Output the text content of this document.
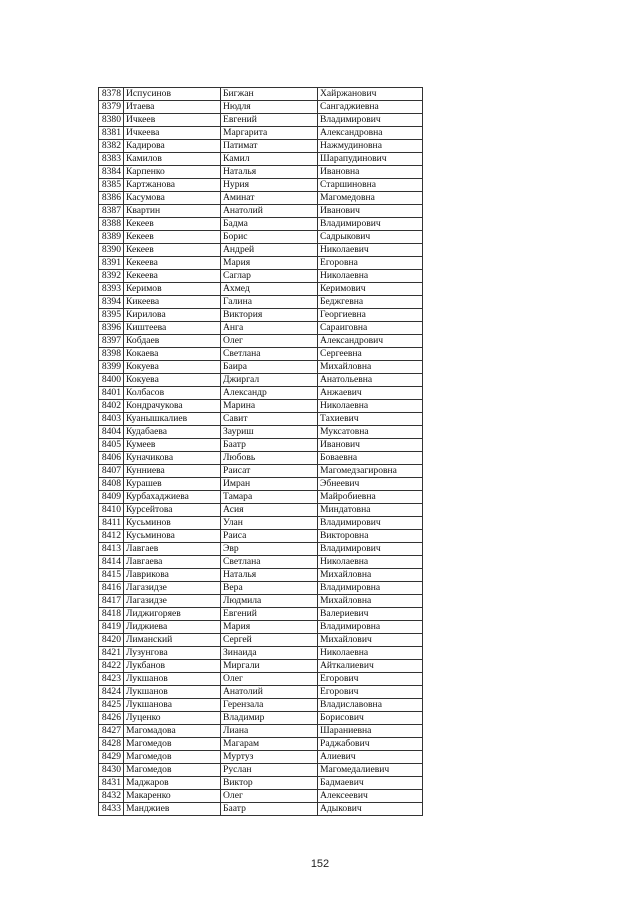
8378	Испусинов	Бигжан	Хайржанович
8379	Итаева	Нюдля	Сангаджиевна
8380	Ичкеев	Евгений	Владимирович
8381	Ичкеева	Маргарита	Александровна
8382	Кадирова	Патимат	Нажмудиновна
8383	Камилов	Камил	Шарапудинович
8384	Карпенко	Наталья	Ивановна
8385	Картжанова	Нурия	Старшиновна
8386	Касумова	Аминат	Магомедовна
8387	Квартин	Анатолий	Иванович
8388	Кекеев	Бадма	Владимирович
8389	Кекеев	Борис	Садрыкович
8390	Кекеев	Андрей	Николаевич
8391	Кекеева	Мария	Егоровна
8392	Кекеева	Саглар	Николаевна
8393	Керимов	Ахмед	Керимович
8394	Кикеева	Галина	Беджгевна
8395	Кирилова	Виктория	Георгиевна
8396	Киштеева	Анга	Сараиговна
8397	Кобдаев	Олег	Александрович
8398	Кокаева	Светлана	Сергеевна
8399	Кокуева	Баира	Михайловна
8400	Кокуева	Джиргал	Анатольевна
8401	Колбасов	Александр	Анжаевич
8402	Кондрачукова	Марина	Николаевна
8403	Куанышкалиев	Савит	Тахиевич
8404	Кудабаева	Зауриш	Муксатовна
8405	Кумеев	Баатр	Иванович
8406	Куначикова	Любовь	Боваевна
8407	Кунниева	Раисат	Магомедзагировна
8408	Курашев	Имран	Эбнеевич
8409	Курбахаджиева	Тамара	Майробиевна
8410	Курсейтова	Асия	Миндатовна
8411	Кусьминов	Улан	Владимирович
8412	Кусьминова	Раиса	Викторовна
8413	Лавгаев	Эвр	Владимирович
8414	Лавгаева	Светлана	Николаевна
8415	Лаврикова	Наталья	Михайловна
8416	Лагазидзе	Вера	Владимировна
8417	Лагазидзе	Людмила	Михайловна
8418	Лиджигоряев	Евгений	Валериевич
8419	Лиджиева	Мария	Владимировна
8420	Лиманский	Сергей	Михайлович
8421	Лузунгова	Зинаида	Николаевна
8422	Лукбанов	Миргали	Айткалиевич
8423	Лукшанов	Олег	Егорович
8424	Лукшанов	Анатолий	Егорович
8425	Лукшанова	Герензала	Владиславовна
8426	Луценко	Владимир	Борисович
8427	Магомадова	Лиана	Шараниевна
8428	Магомедов	Магарам	Раджабович
8429	Магомедов	Муртуз	Алиевич
8430	Магомедов	Руслан	Магомедалиевич
8431	Маджаров	Виктор	Бадмаевич
8432	Макаренко	Олег	Алексеевич
8433	Манджиев	Баатр	Адыкович
152
